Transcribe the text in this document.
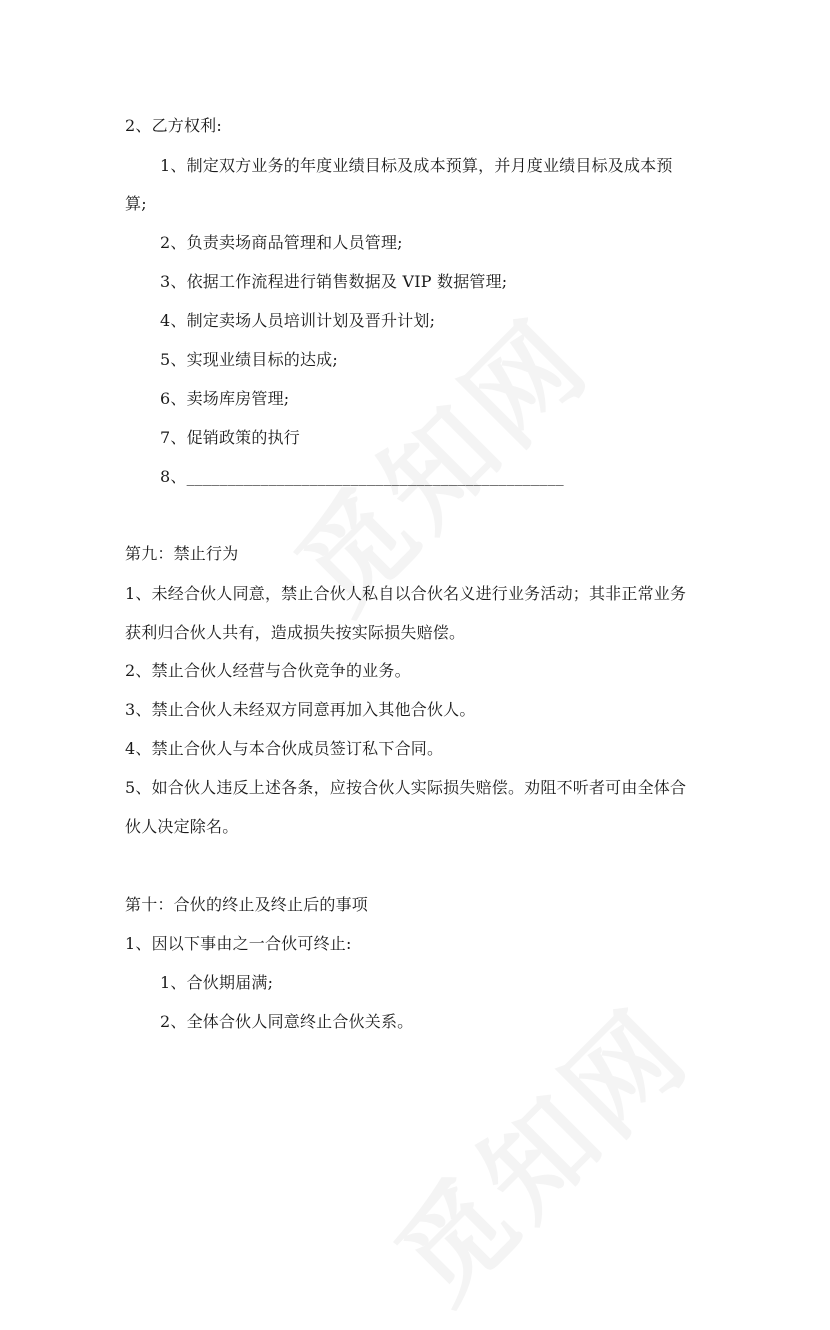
2、乙方权利:
1、制定双方业务的年度业绩目标及成本预算，并月度业绩目标及成本预
算;
2、负责卖场商品管理和人员管理;
3、依据工作流程进行销售数据及 VIP 数据管理;
4、制定卖场人员培训计划及晋升计划;
5、实现业绩目标的达成;
6、卖场库房管理;
7、促销政策的执行
8、______________________________________________
第九：禁止行为
1、未经合伙人同意，禁止合伙人私自以合伙名义进行业务活动；其非正常业务
获利归合伙人共有，造成损失按实际损失赔偿。
2、禁止合伙人经营与合伙竞争的业务。
3、禁止合伙人未经双方同意再加入其他合伙人。
4、禁止合伙人与本合伙成员签订私下合同。
5、如合伙人违反上述各条，应按合伙人实际损失赔偿。劝阻不听者可由全体合
伙人决定除名。
第十：合伙的终止及终止后的事项
1、因以下事由之一合伙可终止:
1、合伙期届满;
2、全体合伙人同意终止合伙关系。
